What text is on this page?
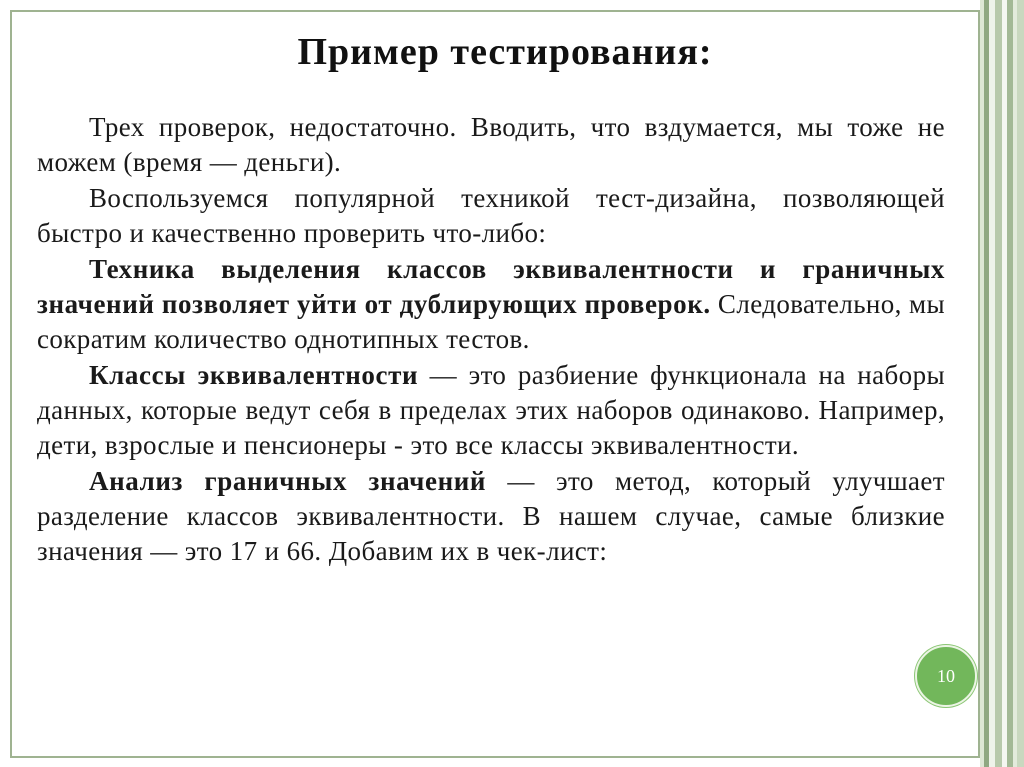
Пример тестирования:

Трех проверок, недостаточно. Вводить, что вздумается, мы тоже не можем (время — деньги).

Воспользуемся популярной техникой тест-дизайна, позволяющей быстро и качественно проверить что-либо:

Техника выделения классов эквивалентности и граничных значений позволяет уйти от дублирующих проверок. Следовательно, мы сократим количество однотипных тестов.

Классы эквивалентности — это разбиение функционала на наборы данных, которые ведут себя в пределах этих наборов одинаково. Например, дети, взрослые и пенсионеры - это все классы эквивалентности.

Анализ граничных значений — это метод, который улучшает разделение классов эквивалентности. В нашем случае, самые близкие значения — это 17 и 66. Добавим их в чек-лист:

10
